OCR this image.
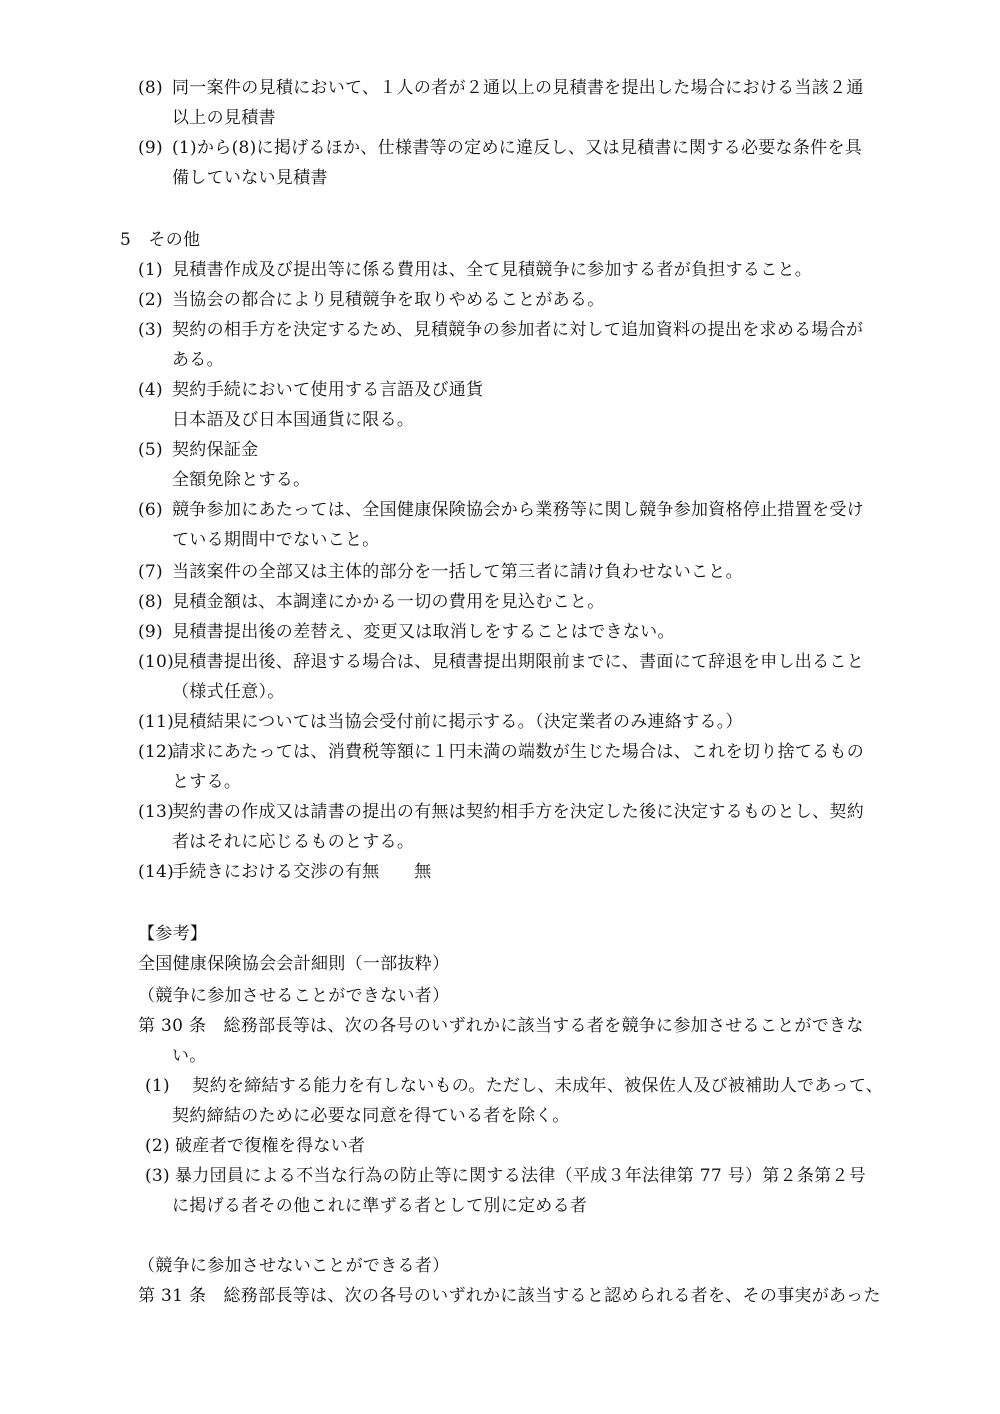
(8) 同一案件の見積において、１人の者が２通以上の見積書を提出した場合における当該２通
以上の見積書
(9) (1)から(8)に掲げるほか、仕様書等の定めに違反し、又は見積書に関する必要な条件を具
備していない見積書
5　その他
(1) 見積書作成及び提出等に係る費用は、全て見積競争に参加する者が負担すること。
(2) 当協会の都合により見積競争を取りやめることがある。
(3) 契約の相手方を決定するため、見積競争の参加者に対して追加資料の提出を求める場合が
ある。
(4) 契約手続において使用する言語及び通貨
日本語及び日本国通貨に限る。
(5) 契約保証金
全額免除とする。
(6) 競争参加にあたっては、全国健康保険協会から業務等に関し競争参加資格停止措置を受け
ている期間中でないこと。
(7) 当該案件の全部又は主体的部分を一括して第三者に請け負わせないこと。
(8) 見積金額は、本調達にかかる一切の費用を見込むこと。
(9) 見積書提出後の差替え、変更又は取消しをすることはできない。
(10)見積書提出後、辞退する場合は、見積書提出期限前までに、書面にて辞退を申し出ること
（様式任意）。
(11)見積結果については当協会受付前に掲示する。（決定業者のみ連絡する。）
(12)請求にあたっては、消費税等額に１円未満の端数が生じた場合は、これを切り捨てるもの
とする。
(13)契約書の作成又は請書の提出の有無は契約相手方を決定した後に決定するものとし、契約
者はそれに応じるものとする。
(14)手続きにおける交渉の有無　　無
【参考】
全国健康保険協会会計細則（一部抜粋）
（競争に参加させることができない者）
第 30 条　総務部長等は、次の各号のいずれかに該当する者を競争に参加させることができな
い。
(1)　契約を締結する能力を有しないもの。ただし、未成年、被保佐人及び被補助人であって、
契約締結のために必要な同意を得ている者を除く。
(2) 破産者で復権を得ない者
(3) 暴力団員による不当な行為の防止等に関する法律（平成３年法律第 77 号）第２条第２号
に掲げる者その他これに準ずる者として別に定める者
（競争に参加させないことができる者）
第 31 条　総務部長等は、次の各号のいずれかに該当すると認められる者を、その事実があった
